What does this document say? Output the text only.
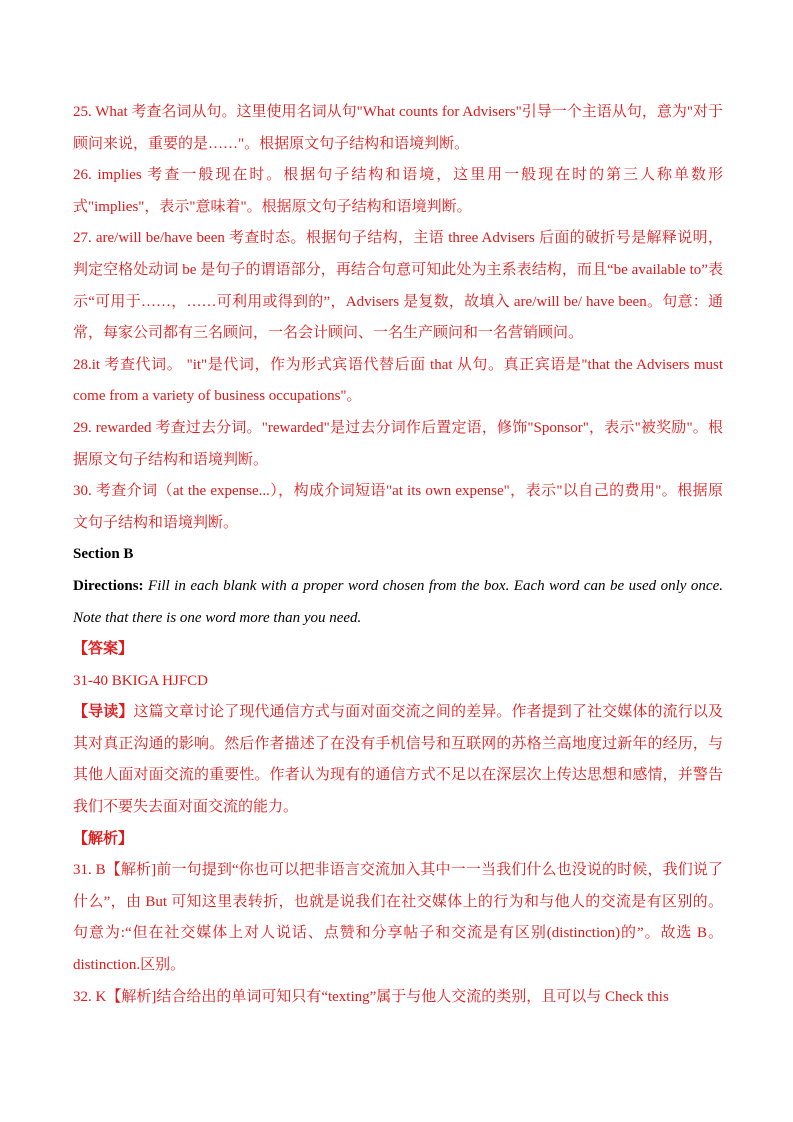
25. What 考查名词从句。这里使用名词从句"What counts for Advisers"引导一个主语从句，意为"对于顾问来说，重要的是……"。根据原文句子结构和语境判断。

26. implies 考查一般现在时。根据句子结构和语境，这里用一般现在时的第三人称单数形式"implies"，表示"意味着"。根据原文句子结构和语境判断。

27. are/will be/have been 考查时态。根据句子结构，主语 three Advisers 后面的破折号是解释说明，判定空格处动词 be 是句子的谓语部分，再结合句意可知此处为主系表结构，而且“be available to”表示“可用于……，……可利用或得到的”，Advisers 是复数，故填入 are/will be/ have been。句意：通常，每家公司都有三名顾问，一名会计顾问、一名生产顾问和一名营销顾问。

28.it 考查代词。 "it"是代词，作为形式宾语代替后面 that 从句。真正宾语是"that the Advisers must come from a variety of business occupations"。

29. rewarded 考查过去分词。"rewarded"是过去分词作后置定语，修饰"Sponsor"，表示"被奖励"。根据原文句子结构和语境判断。

30. 考查介词（at the expense...），构成介词短语"at its own expense"，表示"以自己的费用"。根据原文句子结构和语境判断。

Section B

Directions: Fill in each blank with a proper word chosen from the box. Each word can be used only once. Note that there is one word more than you need.

【答案】

31-40 BKIGA HJFCD

【导读】这篇文章讨论了现代通信方式与面对面交流之间的差异。作者提到了社交媒体的流行以及其对真正沟通的影响。然后作者描述了在没有手机信号和互联网的苏格兰高地度过新年的经历，与其他人面对面交流的重要性。作者认为现有的通信方式不足以在深层次上传达思想和感情，并警告我们不要失去面对面交流的能力。

【解析】

31. B【解析]前一句提到“你也可以把非语言交流加入其中一一当我们什么也没说的时候，我们说了什么”，由 But 可知这里表转折，也就是说我们在社交媒体上的行为和与他人的交流是有区别的。句意为:“但在社交媒体上对人说话、点赞和分享帖子和交流是有区别(distinction)的”。故选 B。distinction.区别。

32. K【解析]结合给出的单词可知只有“texting”属于与他人交流的类别，且可以与 Check this
